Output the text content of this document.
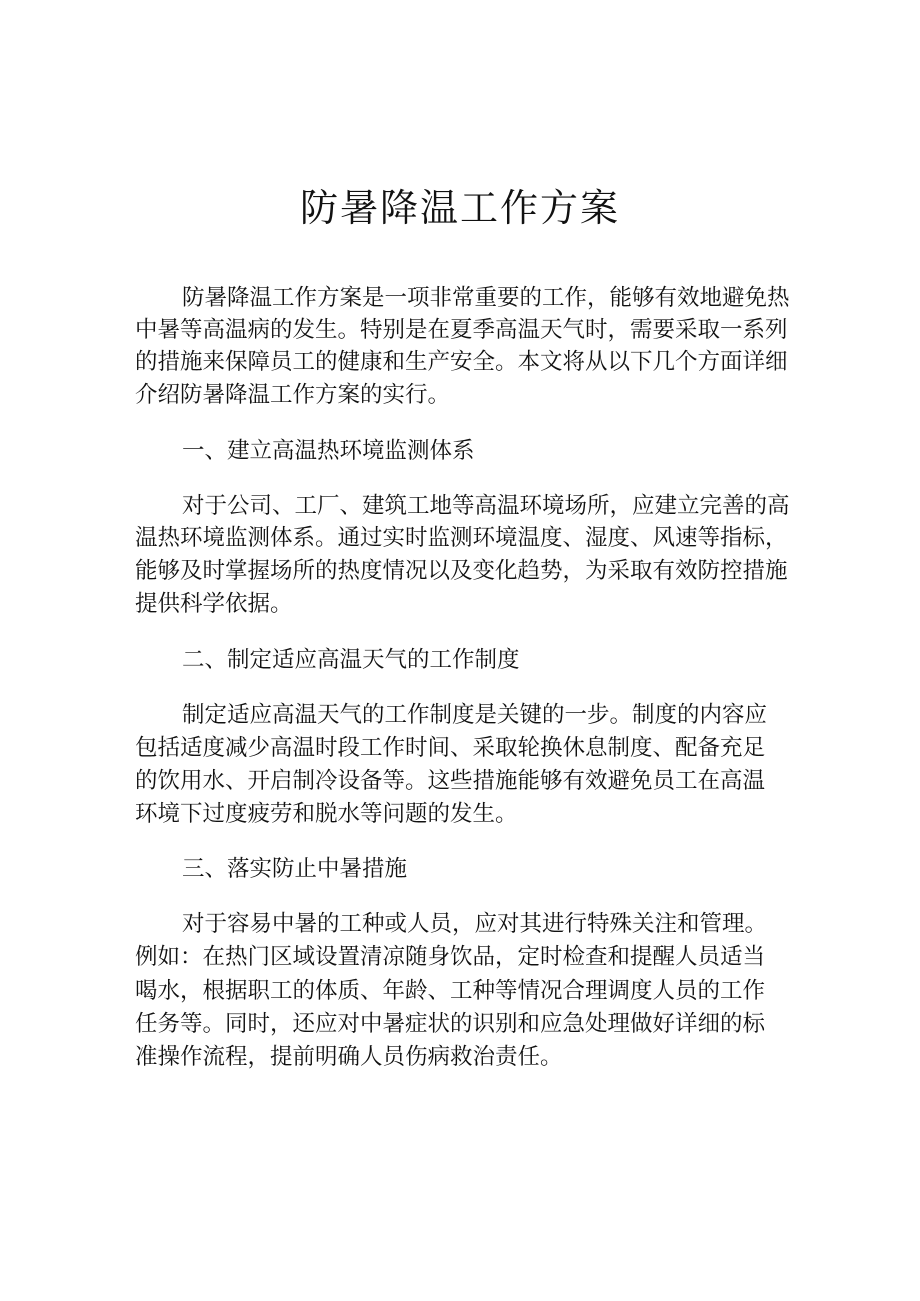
防暑降温工作方案

防暑降温工作方案是一项非常重要的工作，能够有效地避免热

中暑等高温病的发生。特别是在夏季高温天气时，需要采取一系列

的措施来保障员工的健康和生产安全。本文将从以下几个方面详细

介绍防暑降温工作方案的实行。

一、建立高温热环境监测体系

对于公司、工厂、建筑工地等高温环境场所，应建立完善的高

温热环境监测体系。通过实时监测环境温度、湿度、风速等指标，

能够及时掌握场所的热度情况以及变化趋势，为采取有效防控措施

提供科学依据。

二、制定适应高温天气的工作制度

制定适应高温天气的工作制度是关键的一步。制度的内容应

包括适度减少高温时段工作时间、采取轮换休息制度、配备充足

的饮用水、开启制冷设备等。这些措施能够有效避免员工在高温

环境下过度疲劳和脱水等问题的发生。

三、落实防止中暑措施

对于容易中暑的工种或人员，应对其进行特殊关注和管理。

例如：在热门区域设置清凉随身饮品，定时检查和提醒人员适当

喝水，根据职工的体质、年龄、工种等情况合理调度人员的工作

任务等。同时，还应对中暑症状的识别和应急处理做好详细的标

准操作流程，提前明确人员伤病救治责任。
